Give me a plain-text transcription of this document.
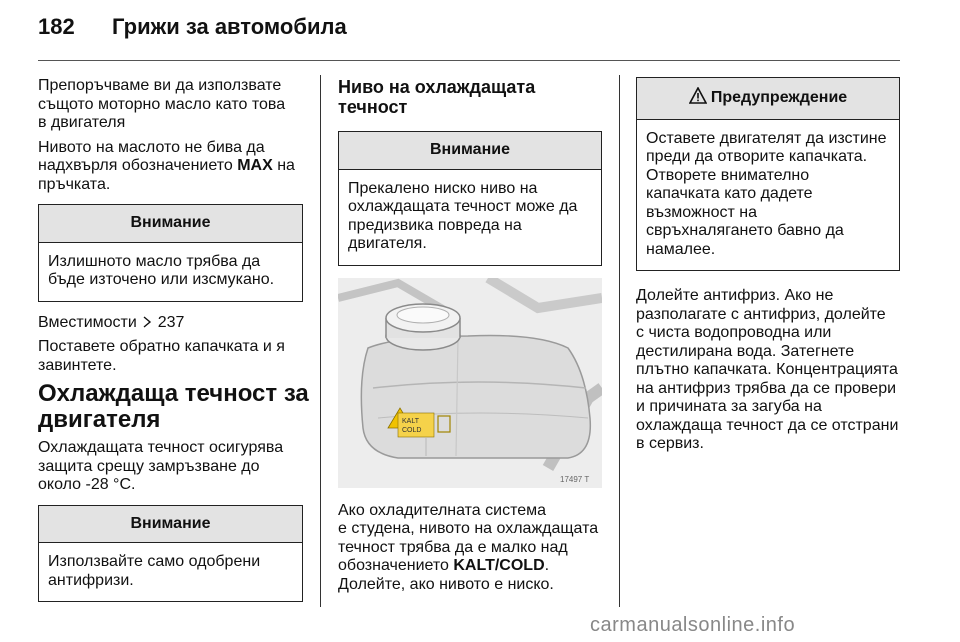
182 Грижи за автомобила

Препоръчваме ви да използвате
същото моторно масло като това
в двигателя

Нивото на маслото не бива да
надхвърля обозначението MAX на
пръчката.

Внимание
Излишното масло трябва да
бъде източено или изсмукано.

Вместимости 237

Поставете обратно капачката и я
завинтете.

Охлаждаща течност за
двигателя

Охлаждащата течност осигурява
защита срещу замръзване до
около -28 °C.

Внимание
Използвайте само одобрени
антифризи.
Ниво на охлаждащата
течност
Внимание
Прекалено ниско ниво на
охлаждащата течност може да
предизвика повреда на
двигателя.
KALT
COLD
17497 T

Ако охладителната система
е студена, нивото на охлаждащата
течност трябва да е малко над
обозначението KALT/COLD.
Долейте, ако нивото е ниско.

Предупреждение
Оставете двигателят да изстине
преди да отворите капачката.
Отворете внимателно
капачката като дадете
възможност на
свръхналягането бавно да
намалее.

Долейте антифриз. Ако не
разполагате с антифриз, долейте
с чиста водопроводна или
дестилирана вода. Затегнете
плътно капачката. Концентрацията
на антифриз трябва да се провери
и причината за загуба на
охлаждаща течност да се отстрани
в сервиз.

carmanualsonline.info
